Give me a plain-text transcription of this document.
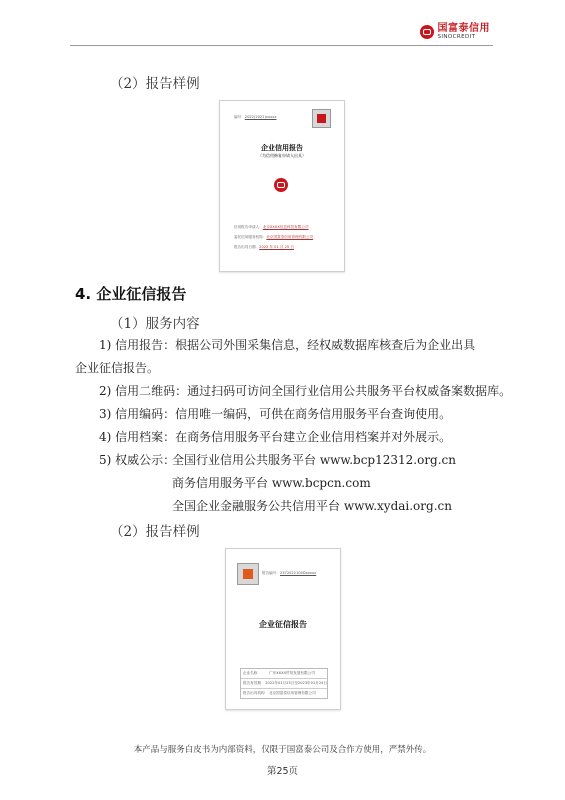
国富泰信用
SINOCREDIT
（2）报告样例
编号：2022(2022)xxxxx
企业信用报告
（为信用修复申请人出具）
信用报告申请人：北京XXXX信息科技有限公司
委托信用服务机构：北京国富泰信用管理有限公司
报告出具日期：2022 年 01 月 25 日
4. 企业征信报告
（1）服务内容
1) 信用报告：根据公司外围采集信息，经权威数据库核查后为企业出具企业征信报告。
2) 信用二维码：通过扫码可访问全国行业信用公共服务平台权威备案数据库。
3) 信用编码：信用唯一编码，可供在商务信用服务平台查询使用。
4) 信用档案：在商务信用服务平台建立企业信用档案并对外展示。
5) 权威公示：
全国行业信用公共服务平台 www.bcp12312.org.cn
商务信用服务平台 www.bcpcn.com
全国企业金融服务公共信用平台 www.xydai.org.cn
（2）报告样例
报告编号：2372022105Dxxxxx
企业征信报告
企业名称	广东XXXX贸易发展有限公司
报告有效期	2022年01月25日至2023年01月24日
报告出具机构	北京国富泰信用管理有限公司
本产品与服务白皮书为内部资料，仅限于国富泰公司及合作方使用，严禁外传。
第25页
